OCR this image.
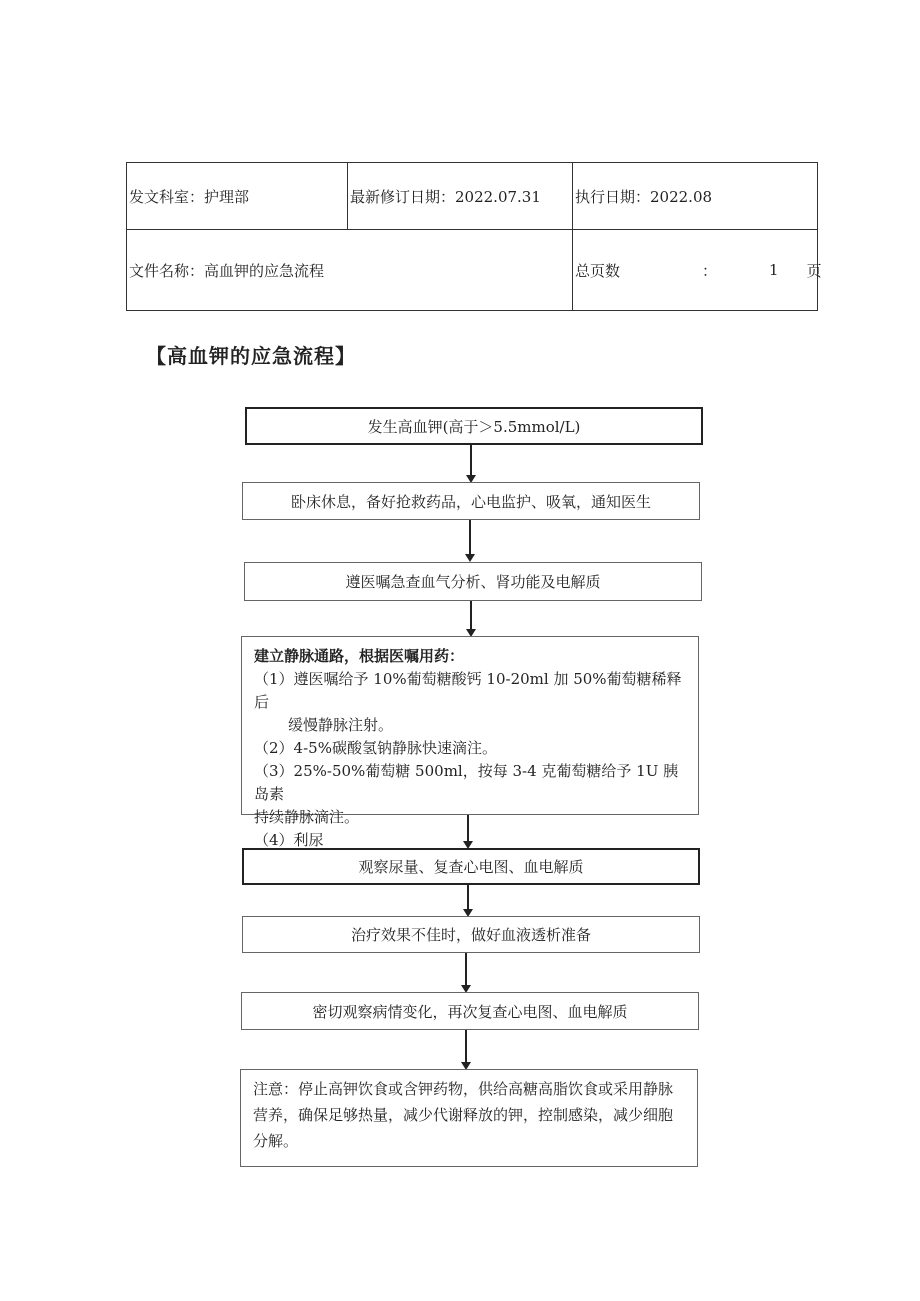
发文科室：护理部	最新修订日期：2022.07.31	执行日期：2022.08
文件名称：高血钾的应急流程		总页数 ： 1 页
【高血钾的应急流程】
发生高血钾(高于＞5.5mmol/L)
卧床休息，备好抢救药品，心电监护、吸氧，通知医生
遵医嘱急查血气分析、肾功能及电解质
建立静脉通路，根据医嘱用药：
（1）遵医嘱给予 10%葡萄糖酸钙 10-20ml 加 50%葡萄糖稀释后
缓慢静脉注射。
（2）4-5%碳酸氢钠静脉快速滴注。
（3）25%-50%葡萄糖 500ml，按每 3-4 克葡萄糖给予 1U 胰岛素
持续静脉滴注。
（4）利尿
观察尿量、复查心电图、血电解质
治疗效果不佳时，做好血液透析准备
密切观察病情变化，再次复查心电图、血电解质
注意：停止高钾饮食或含钾药物，供给高糖高脂饮食或采用静脉营养，确保足够热量，减少代谢释放的钾，控制感染，减少细胞分解。
